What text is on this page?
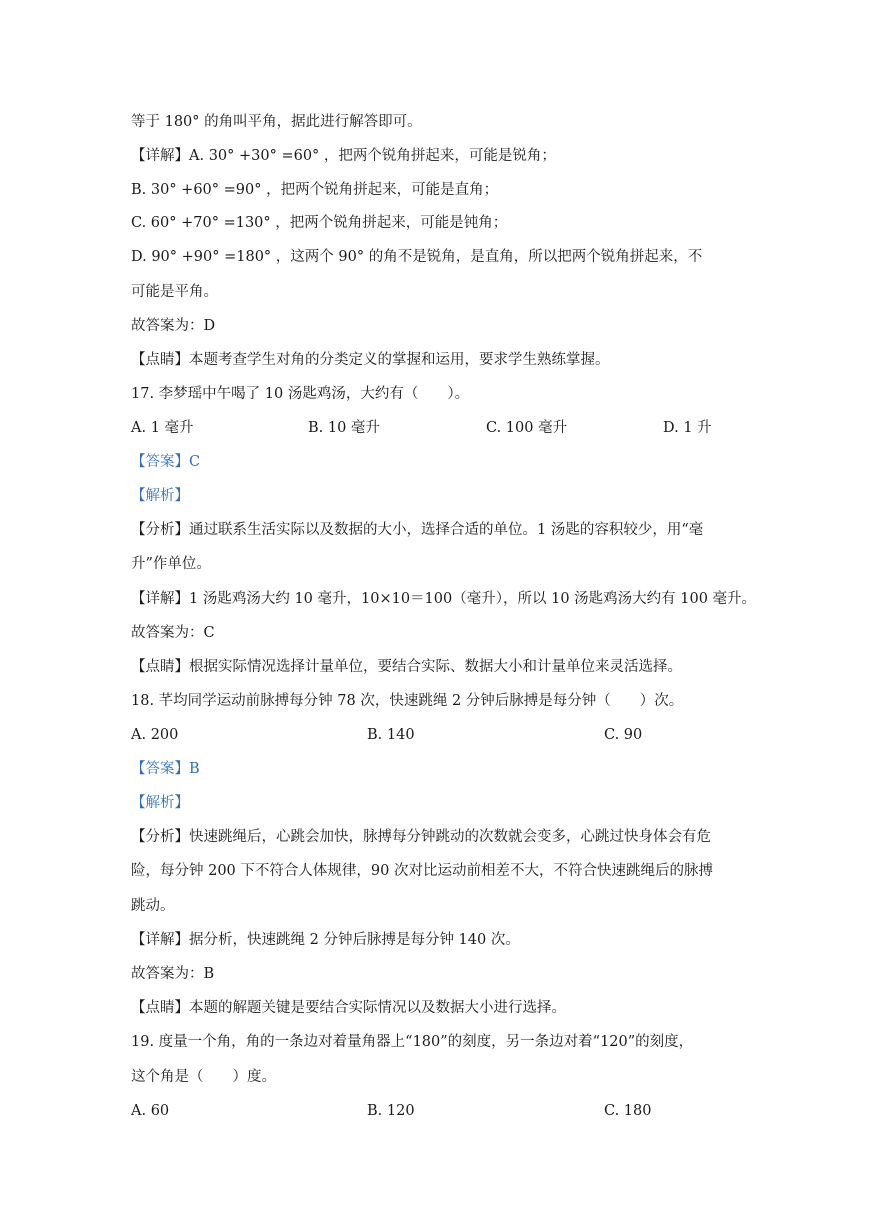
等于 180° 的角叫平角，据此进行解答即可。
【详解】A. 30° +30° =60° ，把两个锐角拼起来，可能是锐角；
B. 30° +60° =90° ，把两个锐角拼起来，可能是直角；
C. 60° +70° =130° ，把两个锐角拼起来，可能是钝角；
D. 90° +90° =180° ，这两个 90° 的角不是锐角，是直角，所以把两个锐角拼起来，不
可能是平角。
故答案为：D
【点睛】本题考查学生对角的分类定义的掌握和运用，要求学生熟练掌握。
17. 李梦瑶中午喝了 10 汤匙鸡汤，大约有（　　）。
A. 1 毫升	B. 10 毫升	C. 100 毫升	D. 1 升
【答案】C
【解析】
【分析】通过联系生活实际以及数据的大小，选择合适的单位。1 汤匙的容积较少，用“毫
升”作单位。
【详解】1 汤匙鸡汤大约 10 毫升，10×10＝100（毫升），所以 10 汤匙鸡汤大约有 100 毫升。
故答案为：C
【点睛】根据实际情况选择计量单位，要结合实际、数据大小和计量单位来灵活选择。
18. 芊均同学运动前脉搏每分钟 78 次，快速跳绳 2 分钟后脉搏是每分钟（　　）次。
A. 200	B. 140	C. 90
【答案】B
【解析】
【分析】快速跳绳后，心跳会加快，脉搏每分钟跳动的次数就会变多，心跳过快身体会有危
险，每分钟 200 下不符合人体规律，90 次对比运动前相差不大，不符合快速跳绳后的脉搏
跳动。
【详解】据分析，快速跳绳 2 分钟后脉搏是每分钟 140 次。
故答案为：B
【点睛】本题的解题关键是要结合实际情况以及数据大小进行选择。
19. 度量一个角，角的一条边对着量角器上“180”的刻度，另一条边对着“120”的刻度，
这个角是（　　）度。
A. 60	B. 120	C. 180
